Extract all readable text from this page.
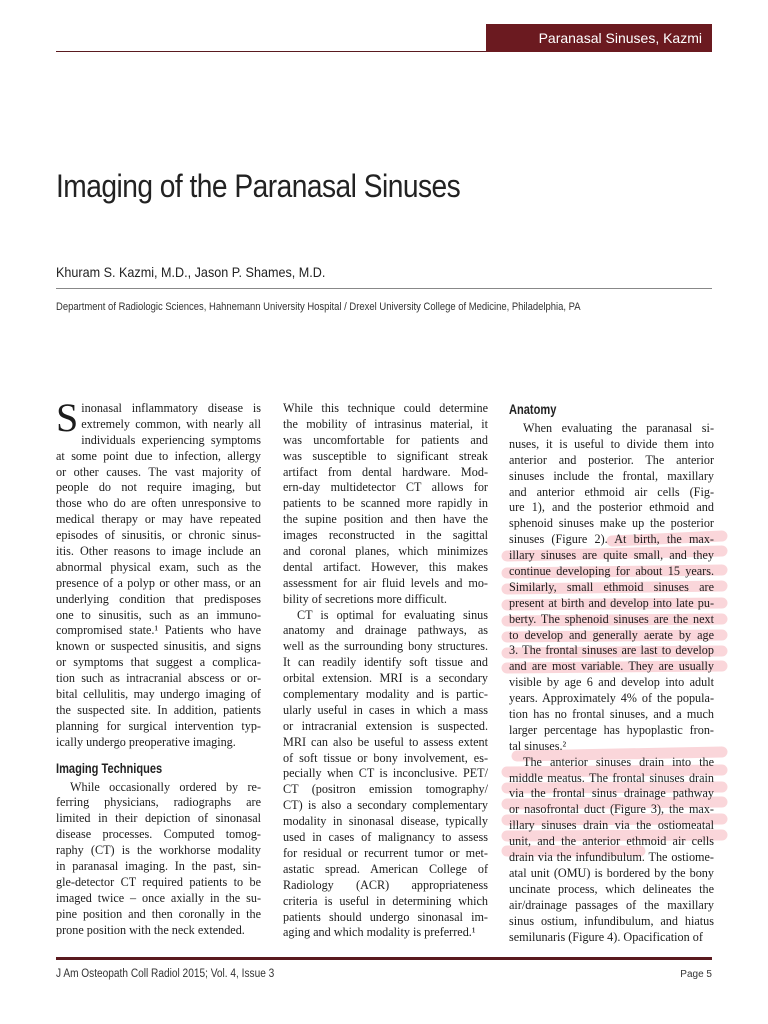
Paranasal Sinuses, Kazmi
Imaging of the Paranasal Sinuses
Khuram S. Kazmi, M.D., Jason P. Shames, M.D.
Department of Radiologic Sciences, Hahnemann University Hospital / Drexel University College of Medicine, Philadelphia, PA
S inonasal inflammatory disease is
extremely common, with nearly all
individuals experiencing symptoms
at some point due to infection, allergy
or other causes. The vast majority of
people do not require imaging, but
those who do are often unresponsive to
medical therapy or may have repeated
episodes of sinusitis, or chronic sinus-
itis. Other reasons to image include an
abnormal physical exam, such as the
presence of a polyp or other mass, or an
underlying condition that predisposes
one to sinusitis, such as an immuno-
compromised state.¹ Patients who have
known or suspected sinusitis, and signs
or symptoms that suggest a complica-
tion such as intracranial abscess or or-
bital cellulitis, may undergo imaging of
the suspected site. In addition, patients
planning for surgical intervention typ-
ically undergo preoperative imaging.
Imaging Techniques
While occasionally ordered by re-
ferring physicians, radiographs are
limited in their depiction of sinonasal
disease processes. Computed tomog-
raphy (CT) is the workhorse modality
in paranasal imaging. In the past, sin-
gle-detector CT required patients to be
imaged twice – once axially in the su-
pine position and then coronally in the
prone position with the neck extended.
While this technique could determine
the mobility of intrasinus material, it
was uncomfortable for patients and
was susceptible to significant streak
artifact from dental hardware. Mod-
ern-day multidetector CT allows for
patients to be scanned more rapidly in
the supine position and then have the
images reconstructed in the sagittal
and coronal planes, which minimizes
dental artifact. However, this makes
assessment for air fluid levels and mo-
bility of secretions more difficult.
CT is optimal for evaluating sinus
anatomy and drainage pathways, as
well as the surrounding bony structures.
It can readily identify soft tissue and
orbital extension. MRI is a secondary
complementary modality and is partic-
ularly useful in cases in which a mass
or intracranial extension is suspected.
MRI can also be useful to assess extent
of soft tissue or bony involvement, es-
pecially when CT is inconclusive. PET/
CT (positron emission tomography/
CT) is also a secondary complementary
modality in sinonasal disease, typically
used in cases of malignancy to assess
for residual or recurrent tumor or met-
astatic spread. American College of
Radiology (ACR) appropriateness
criteria is useful in determining which
patients should undergo sinonasal im-
aging and which modality is preferred.¹
Anatomy
When evaluating the paranasal si-
nuses, it is useful to divide them into
anterior and posterior. The anterior
sinuses include the frontal, maxillary
and anterior ethmoid air cells (Fig-
ure 1), and the posterior ethmoid and
sphenoid sinuses make up the posterior
sinuses (Figure 2). At birth, the max-
illary sinuses are quite small, and they
continue developing for about 15 years.
Similarly, small ethmoid sinuses are
present at birth and develop into late pu-
berty. The sphenoid sinuses are the next
to develop and generally aerate by age
3. The frontal sinuses are last to develop
and are most variable. They are usually
visible by age 6 and develop into adult
years. Approximately 4% of the popula-
tion has no frontal sinuses, and a much
larger percentage has hypoplastic fron-
tal sinuses.²
The anterior sinuses drain into the
middle meatus. The frontal sinuses drain
via the frontal sinus drainage pathway
or nasofrontal duct (Figure 3), the max-
illary sinuses drain via the ostiomeatal
unit, and the anterior ethmoid air cells
drain via the infundibulum. The ostiome-
atal unit (OMU) is bordered by the bony
uncinate process, which delineates the
air/drainage passages of the maxillary
sinus ostium, infundibulum, and hiatus
semilunaris (Figure 4). Opacification of
J Am Osteopath Coll Radiol 2015; Vol. 4, Issue 3	Page 5
